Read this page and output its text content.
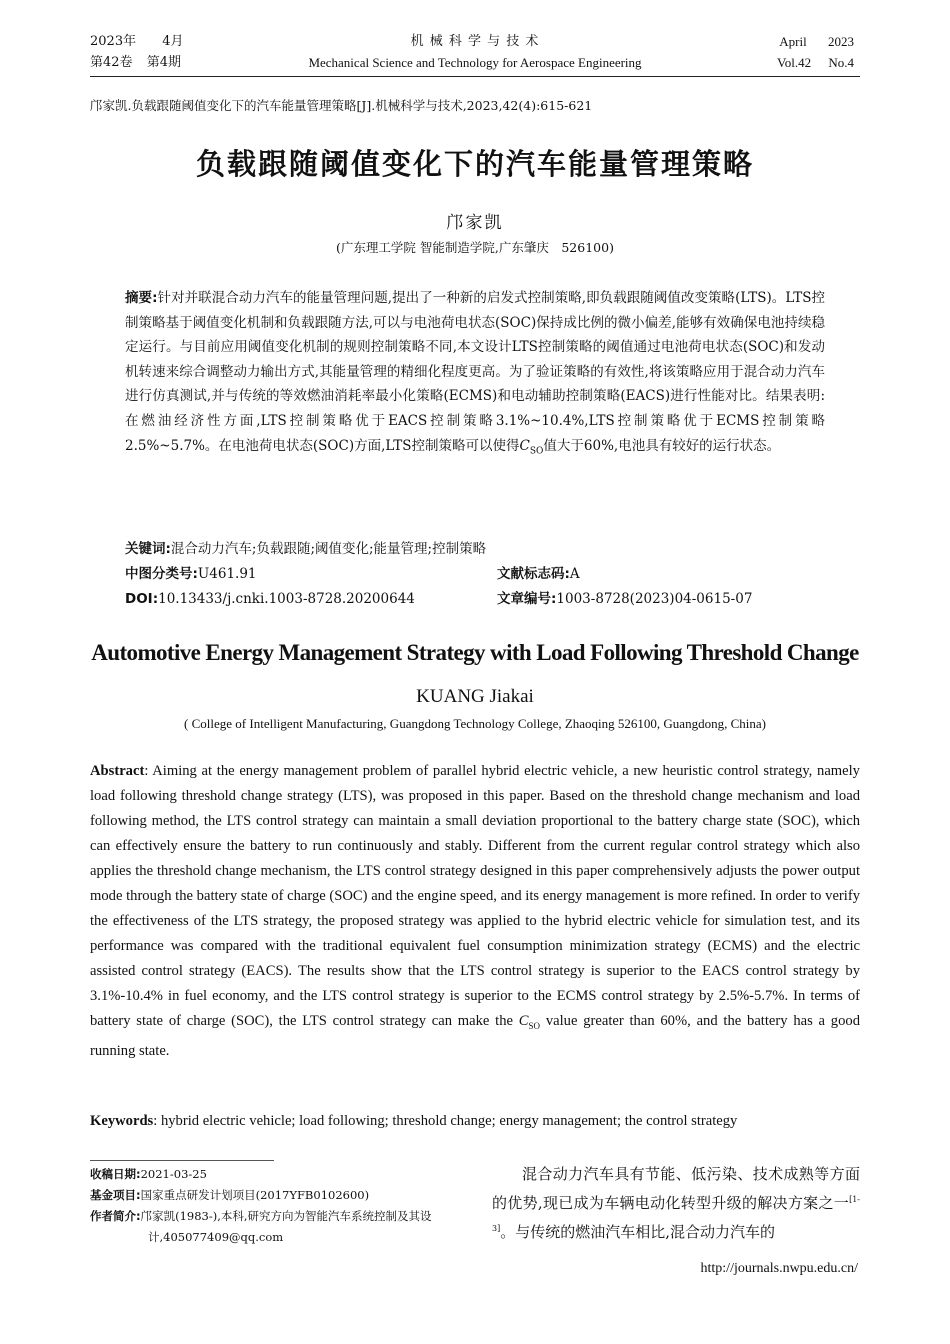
2023年 4月
第42卷 第4期
机 械 科 学 与 技 术
Mechanical Science and Technology for Aerospace Engineering
April 2023
Vol.42 No.4
邝家凯.负载跟随阈值变化下的汽车能量管理策略[J].机械科学与技术,2023,42(4):615-621
负载跟随阈值变化下的汽车能量管理策略
邝家凯
(广东理工学院 智能制造学院,广东肇庆　526100)
摘要:针对并联混合动力汽车的能量管理问题,提出了一种新的启发式控制策略,即负载跟随阈值改变策略(LTS)。LTS控制策略基于阈值变化机制和负载跟随方法,可以与电池荷电状态(SOC)保持成比例的微小偏差,能够有效确保电池持续稳定运行。与目前应用阈值变化机制的规则控制策略不同,本文设计LTS控制策略的阈值通过电池荷电状态(SOC)和发动机转速来综合调整动力输出方式,其能量管理的精细化程度更高。为了验证策略的有效性,将该策略应用于混合动力汽车进行仿真测试,并与传统的等效燃油消耗率最小化策略(ECMS)和电动辅助控制策略(EACS)进行性能对比。结果表明:在燃油经济性方面,LTS控制策略优于EACS控制策略3.1%~10.4%,LTS控制策略优于ECMS控制策略2.5%~5.7%。在电池荷电状态(SOC)方面,LTS控制策略可以使得$C_{SO}$值大于60%,电池具有较好的运行状态。
关键词:混合动力汽车;负载跟随;阈值变化;能量管理;控制策略
中图分类号:U461.91	文献标志码:A
DOI:10.13433/j.cnki.1003-8728.20200644	文章编号:1003-8728(2023)04-0615-07
Automotive Energy Management Strategy with Load Following Threshold Change
KUANG Jiakai
( College of Intelligent Manufacturing, Guangdong Technology College, Zhaoqing 526100, Guangdong, China)
Abstract: Aiming at the energy management problem of parallel hybrid electric vehicle, a new heuristic control strategy, namely load following threshold change strategy (LTS), was proposed in this paper. Based on the threshold change mechanism and load following method, the LTS control strategy can maintain a small deviation proportional to the battery charge state (SOC), which can effectively ensure the battery to run continuously and stably. Different from the current regular control strategy which also applies the threshold change mechanism, the LTS control strategy designed in this paper comprehensively adjusts the power output mode through the battery state of charge (SOC) and the engine speed, and its energy management is more refined. In order to verify the effectiveness of the LTS strategy, the proposed strategy was applied to the hybrid electric vehicle for simulation test, and its performance was compared with the traditional equivalent fuel consumption minimization strategy (ECMS) and the electric assisted control strategy (EACS). The results show that the LTS control strategy is superior to the EACS control strategy by 3.1%-10.4% in fuel economy, and the LTS control strategy is superior to the ECMS control strategy by 2.5%-5.7%. In terms of battery state of charge (SOC), the LTS control strategy can make the $C_{SO}$ value greater than 60%, and the battery has a good running state.
Keywords: hybrid electric vehicle; load following; threshold change; energy management; the control strategy
收稿日期:2021-03-25
基金项目:国家重点研发计划项目(2017YFB0102600)
作者简介:邝家凯(1983-),本科,研究方向为智能汽车系统控制及其设计,405077409@qq.com
混合动力汽车具有节能、低污染、技术成熟等方面的优势,现已成为车辆电动化转型升级的解决方案之一[1-3]。与传统的燃油汽车相比,混合动力汽车的
http://journals.nwpu.edu.cn/
